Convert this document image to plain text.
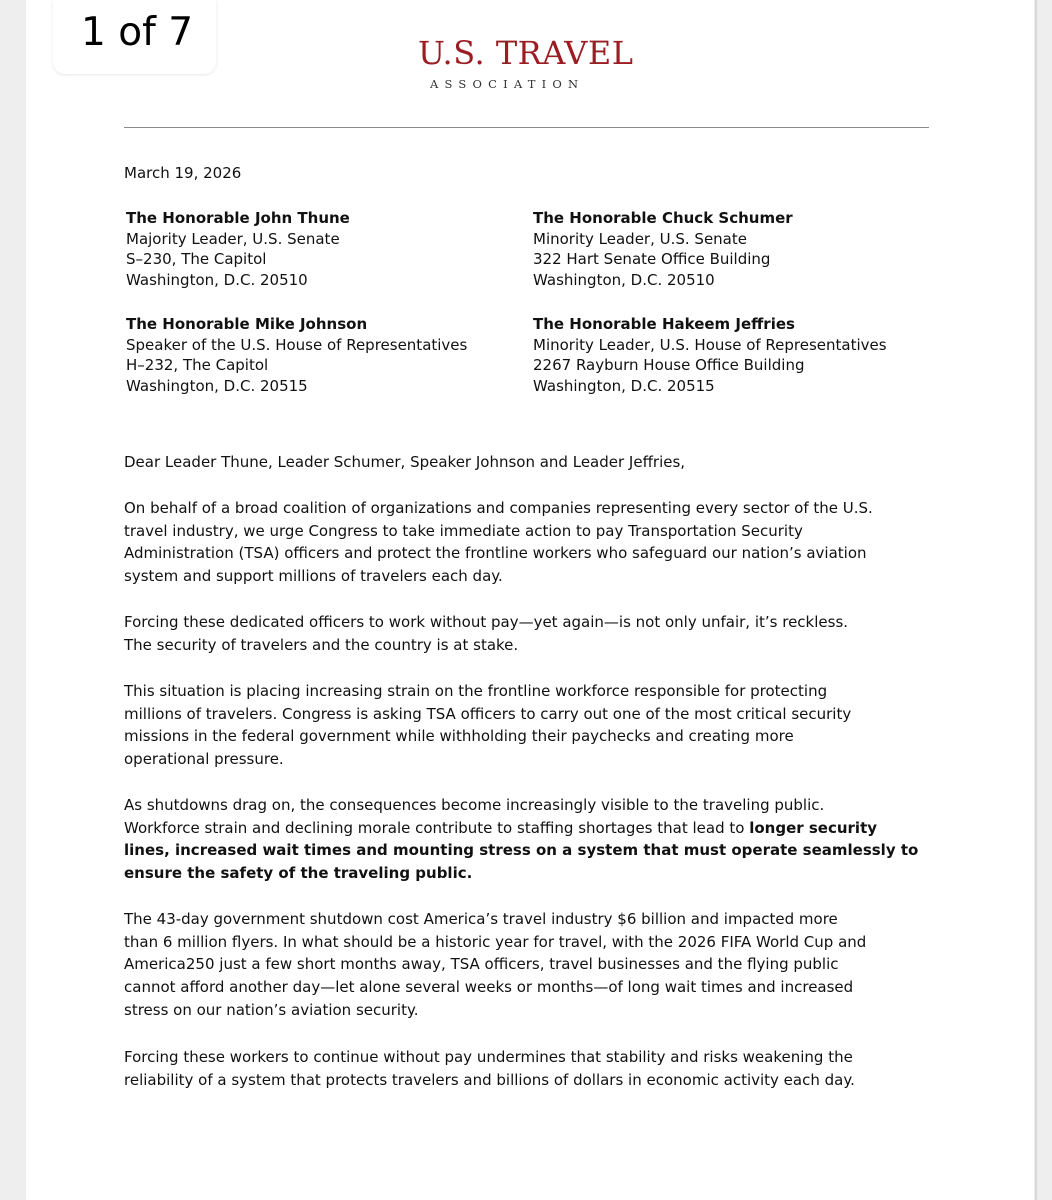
1 of 7	U.S. TRAVEL
ASSOCIATION
March 19, 2026
The Honorable John Thune
Majority Leader, U.S. Senate
S–230, The Capitol
Washington, D.C. 20510
The Honorable Chuck Schumer
Minority Leader, U.S. Senate
322 Hart Senate Office Building
Washington, D.C. 20510
The Honorable Mike Johnson
Speaker of the U.S. House of Representatives
H–232, The Capitol
Washington, D.C. 20515
The Honorable Hakeem Jeffries
Minority Leader, U.S. House of Representatives
2267 Rayburn House Office Building
Washington, D.C. 20515
Dear Leader Thune, Leader Schumer, Speaker Johnson and Leader Jeffries,
On behalf of a broad coalition of organizations and companies representing every sector of the U.S.
travel industry, we urge Congress to take immediate action to pay Transportation Security
Administration (TSA) officers and protect the frontline workers who safeguard our nation’s aviation
system and support millions of travelers each day.
Forcing these dedicated officers to work without pay—yet again—is not only unfair, it’s reckless.
The security of travelers and the country is at stake.
This situation is placing increasing strain on the frontline workforce responsible for protecting
millions of travelers. Congress is asking TSA officers to carry out one of the most critical security
missions in the federal government while withholding their paychecks and creating more
operational pressure.
As shutdowns drag on, the consequences become increasingly visible to the traveling public.
Workforce strain and declining morale contribute to staffing shortages that lead to longer security
lines, increased wait times and mounting stress on a system that must operate seamlessly to
ensure the safety of the traveling public.
The 43-day government shutdown cost America’s travel industry $6 billion and impacted more
than 6 million flyers. In what should be a historic year for travel, with the 2026 FIFA World Cup and
America250 just a few short months away, TSA officers, travel businesses and the flying public
cannot afford another day—let alone several weeks or months—of long wait times and increased
stress on our nation’s aviation security.
Forcing these workers to continue without pay undermines that stability and risks weakening the
reliability of a system that protects travelers and billions of dollars in economic activity each day.
